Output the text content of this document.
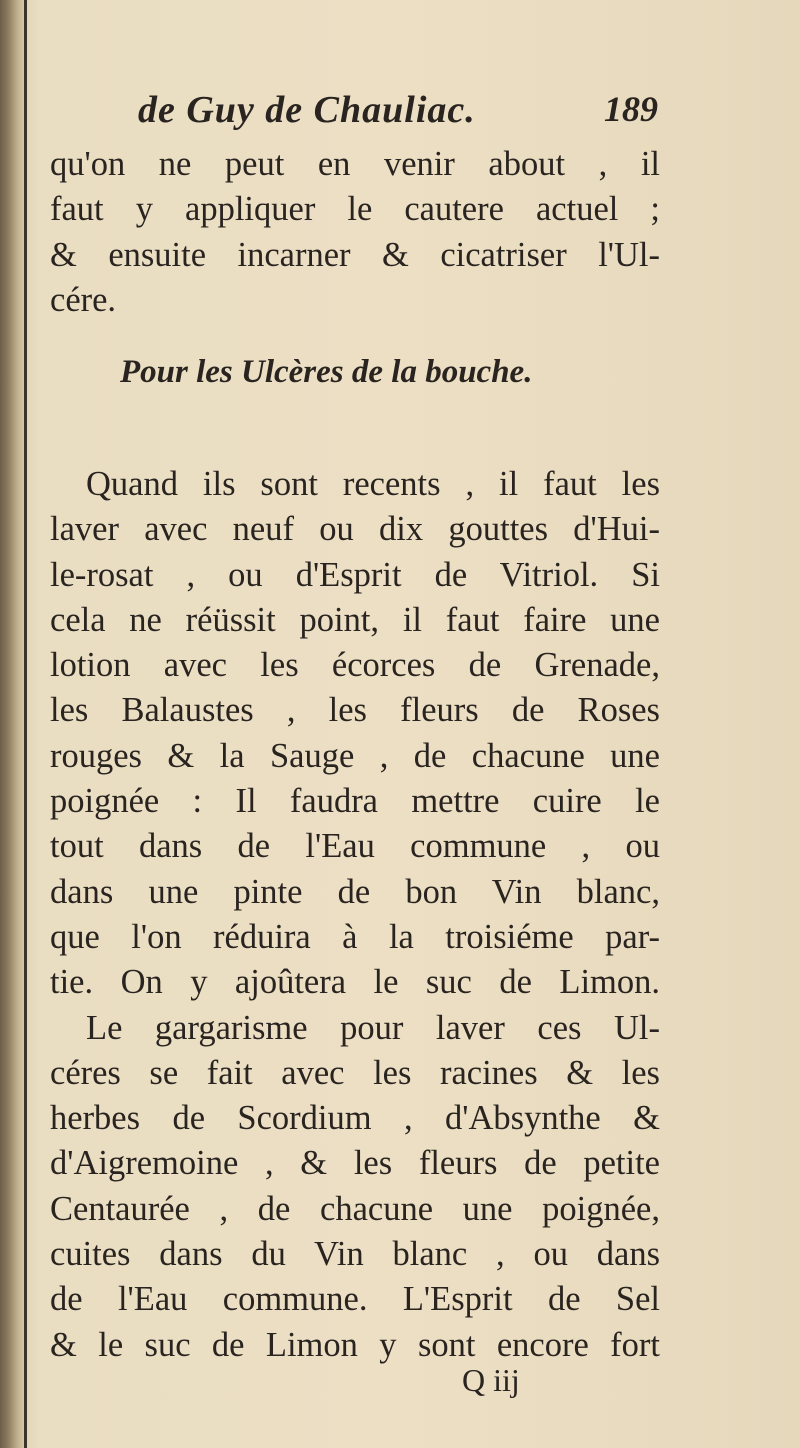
de Guy de Chauliac.	189
qu'on ne peut en venir about , il
faut y appliquer le cautere actuel ;
& ensuite incarner & cicatriser l'Ul-
cére.
Pour les Ulcères de la bouche.
Quand ils sont recents , il faut les
laver avec neuf ou dix gouttes d'Hui-
le-rosat , ou d'Esprit de Vitriol. Si
cela ne réüssit point, il faut faire une
lotion avec les écorces de Grenade,
les Balaustes , les fleurs de Roses
rouges & la Sauge , de chacune une
poignée : Il faudra mettre cuire le
tout dans de l'Eau commune , ou
dans une pinte de bon Vin blanc,
que l'on réduira à la troisiéme par-
tie. On y ajoûtera le suc de Limon.
Le gargarisme pour laver ces Ul-
céres se fait avec les racines & les
herbes de Scordium , d'Absynthe &
d'Aigremoine , & les fleurs de petite
Centaurée , de chacune une poignée,
cuites dans du Vin blanc , ou dans
de l'Eau commune. L'Esprit de Sel
& le suc de Limon y sont encore fort
Q iij
